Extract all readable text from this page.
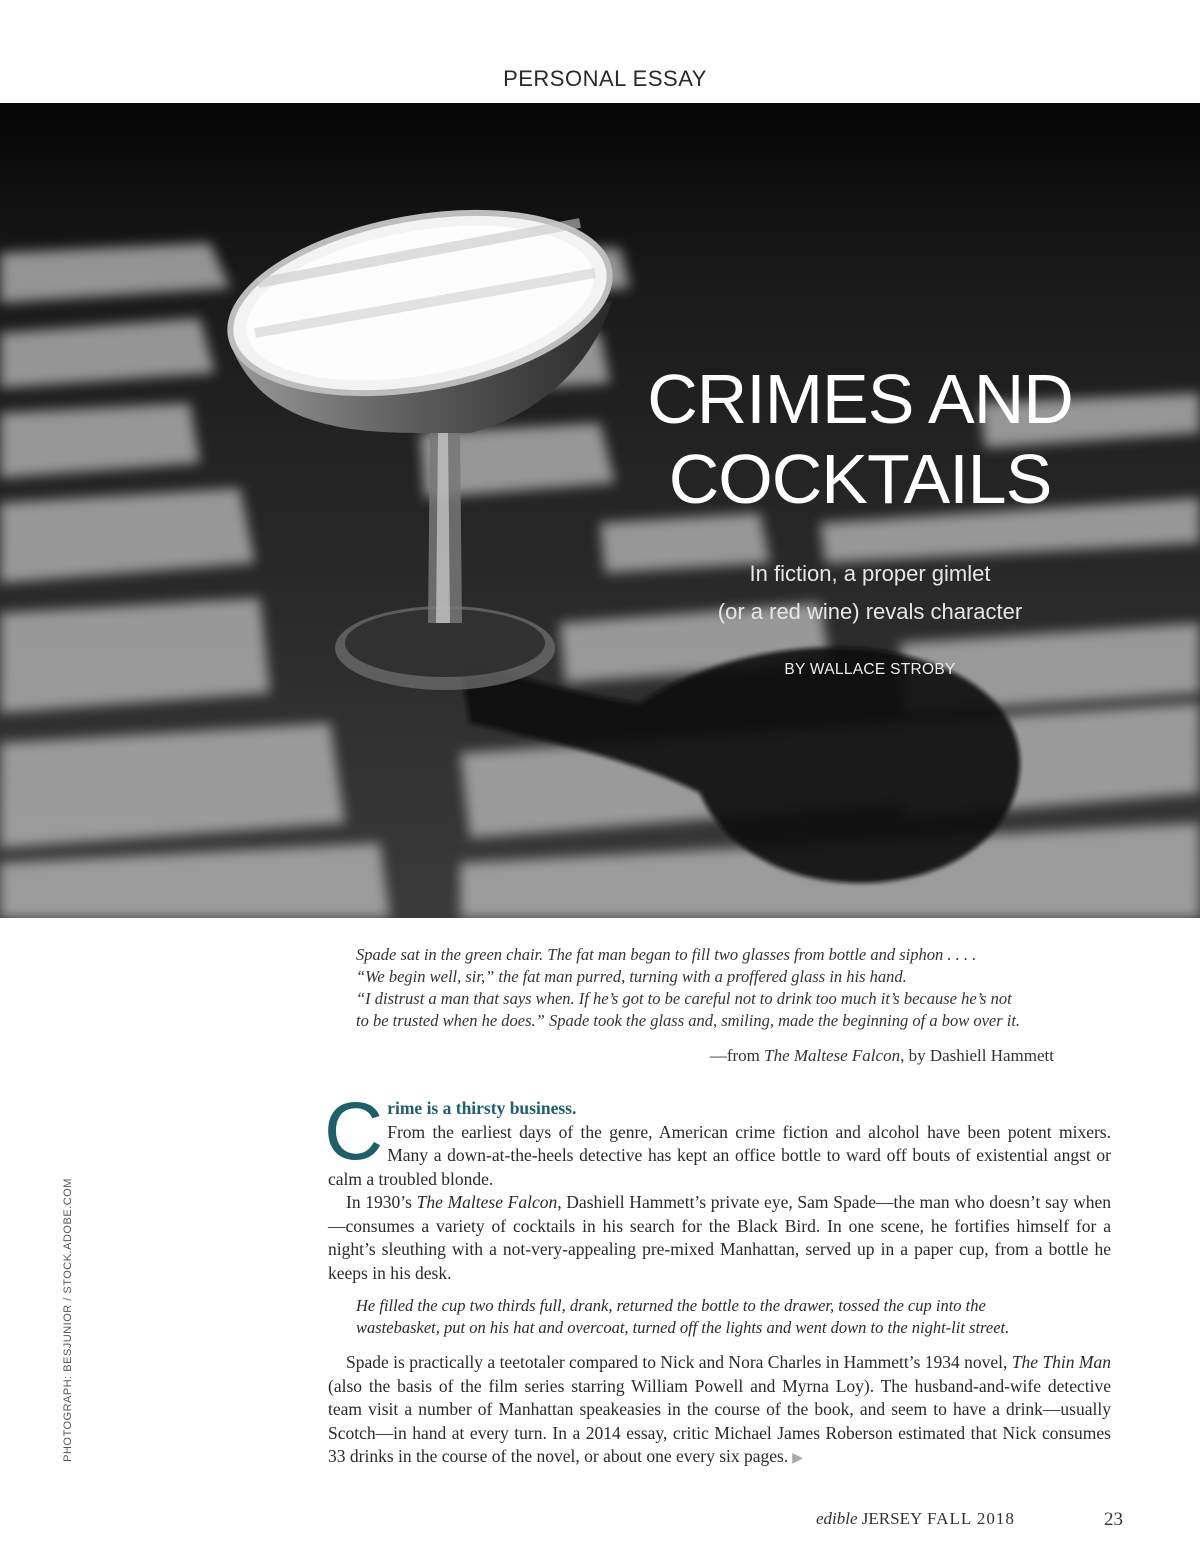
PERSONAL ESSAY
CRIMES AND
COCKTAILS
In fiction, a proper gimlet
(or a red wine) revals character
BY WALLACE STROBY
Spade sat in the green chair. The fat man began to fill two glasses from bottle and siphon . . . .
“We begin well, sir,” the fat man purred, turning with a proffered glass in his hand.
“I distrust a man that says when. If he’s got to be careful not to drink too much it’s because he’s not
to be trusted when he does.” Spade took the glass and, smiling, made the beginning of a bow over it.
—from The Maltese Falcon, by Dashiell Hammett

Crime is a thirsty business.
From the earliest days of the genre, American crime fiction and alcohol have been potent mixers. Many a down-at-the-heels detective has kept an office bottle to ward off bouts of existential angst or calm a troubled blonde.

In 1930’s The Maltese Falcon, Dashiell Hammett’s private eye, Sam Spade—the man who doesn’t say when—consumes a variety of cocktails in his search for the Black Bird. In one scene, he fortifies himself for a night’s sleuthing with a not-very-appealing pre-mixed Manhattan, served up in a paper cup, from a bottle he keeps in his desk.

He filled the cup two thirds full, drank, returned the bottle to the drawer, tossed the cup into the
wastebasket, put on his hat and overcoat, turned off the lights and went down to the night-lit street.

Spade is practically a teetotaler compared to Nick and Nora Charles in Hammett’s 1934 novel, The Thin Man (also the basis of the film series starring William Powell and Myrna Loy). The husband-and-wife detective team visit a number of Manhattan speakeasies in the course of the book, and seem to have a drink—usually Scotch—in hand at every turn. In a 2014 essay, critic Michael James Roberson estimated that Nick consumes 33 drinks in the course of the novel, or about one every six pages. ▶

PHOTOGRAPH: BESJUNIOR / STOCK.ADOBE.COM
edible JERSEY FALL 2018	23
